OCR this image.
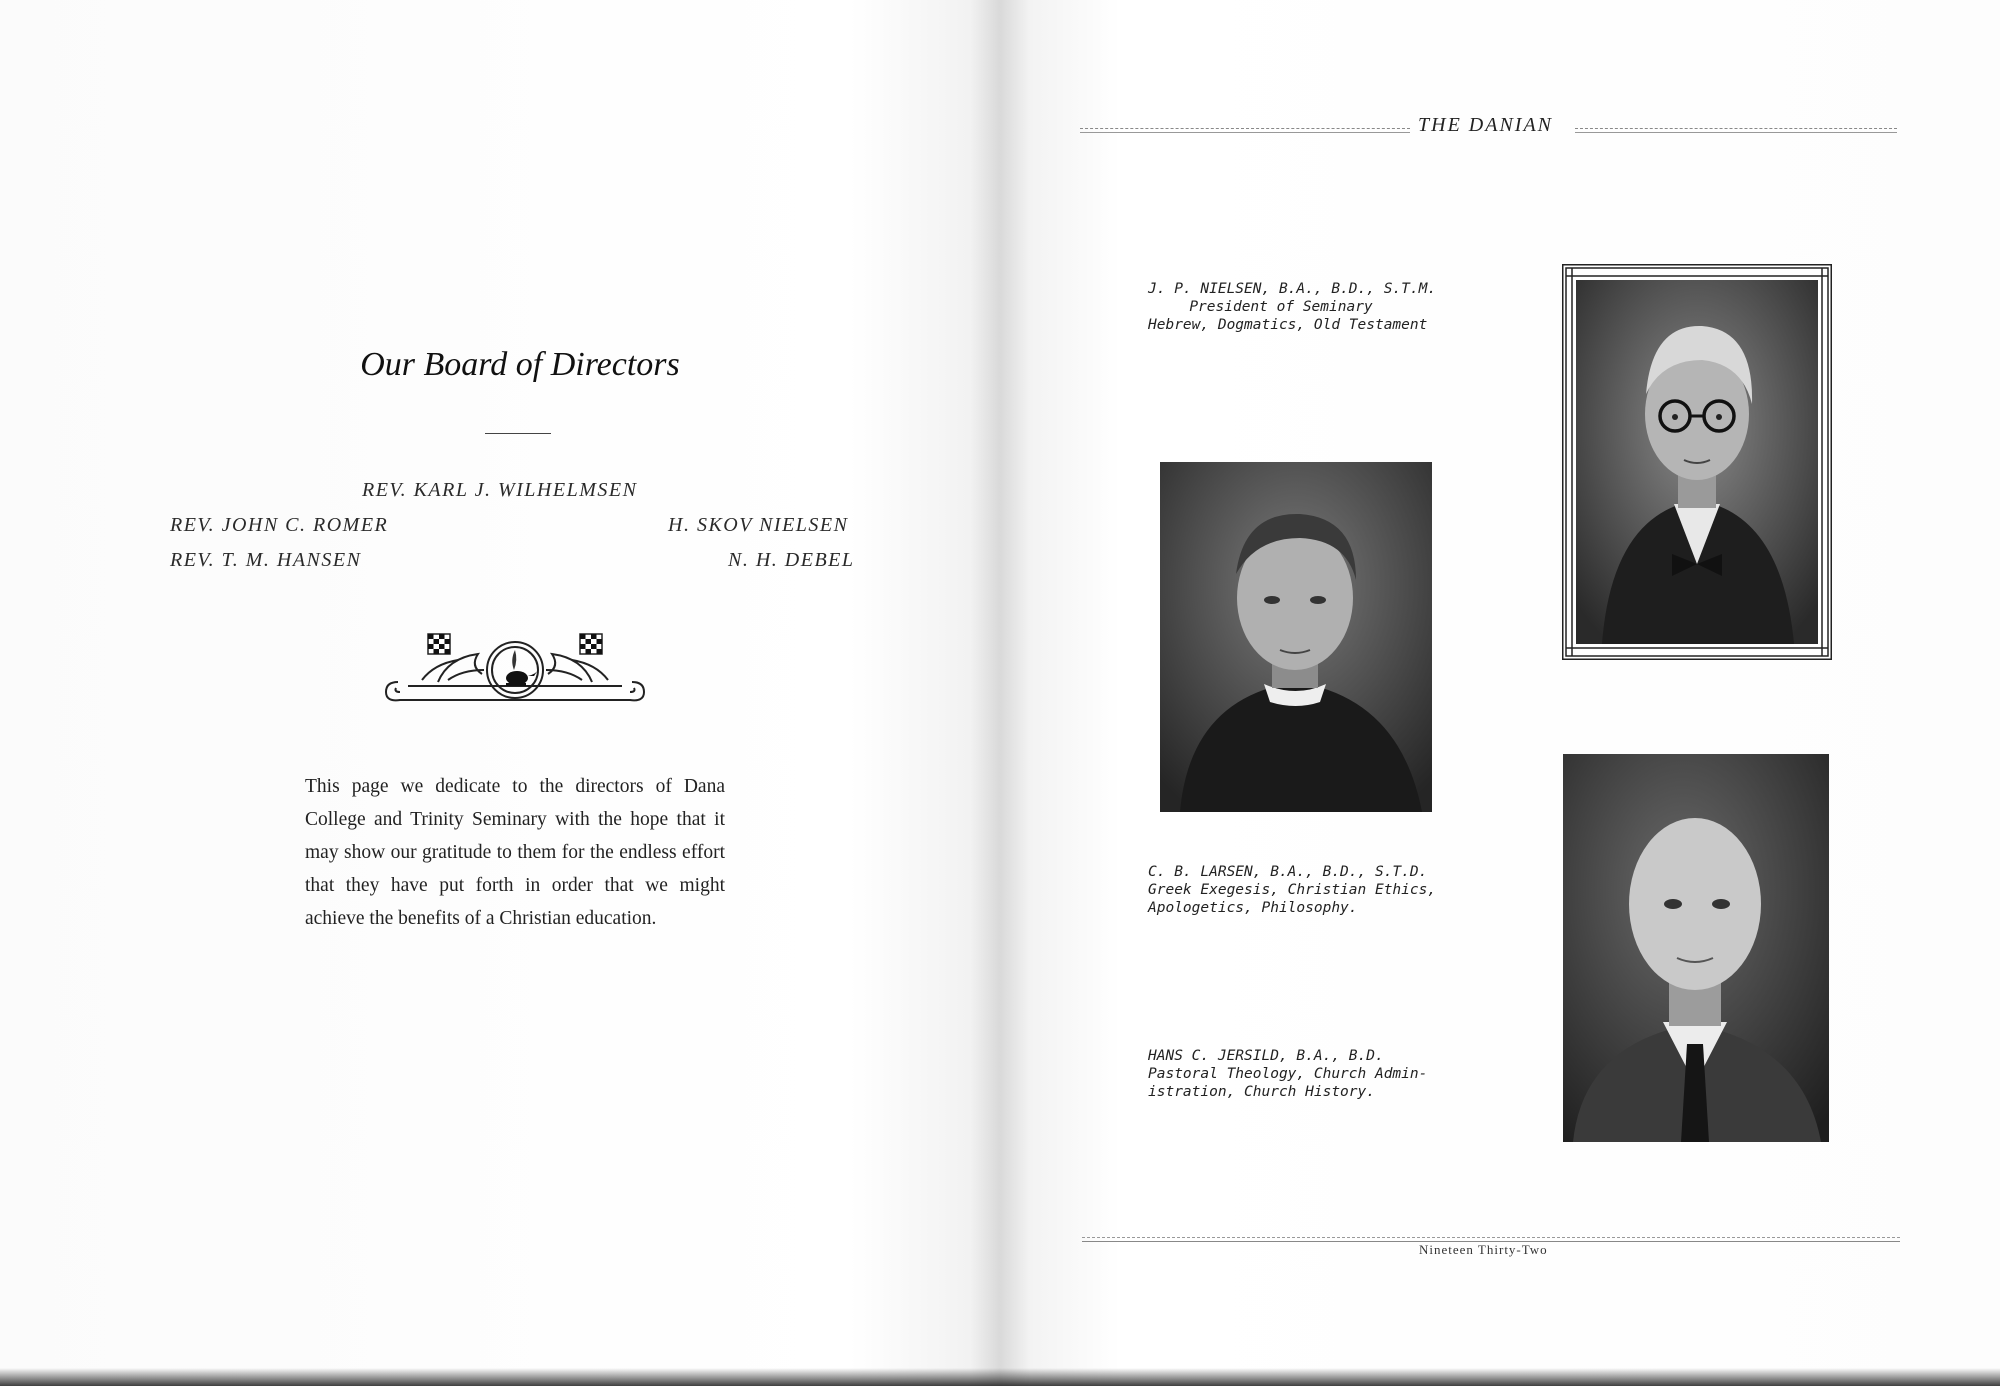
Our Board of Directors
REV. KARL J. WILHELMSEN
REV. JOHN C. ROMER	H. SKOV NIELSEN
REV. T. M. HANSEN	N. H. DEBEL
This page we dedicate to the directors of Dana College and Trinity Seminary with the hope that it may show our gratitude to them for the endless effort that they have put forth in order that we might achieve the benefits of a Christian education.
THE DANIAN
J. P. NIELSEN, B.A., B.D., S.T.M.
President of Seminary
Hebrew, Dogmatics, Old Testament
C. B. LARSEN, B.A., B.D., S.T.D.
Greek Exegesis, Christian Ethics,
Apologetics, Philosophy.
HANS C. JERSILD, B.A., B.D.
Pastoral Theology, Church Admin-
istration, Church History.
Nineteen Thirty-Two
